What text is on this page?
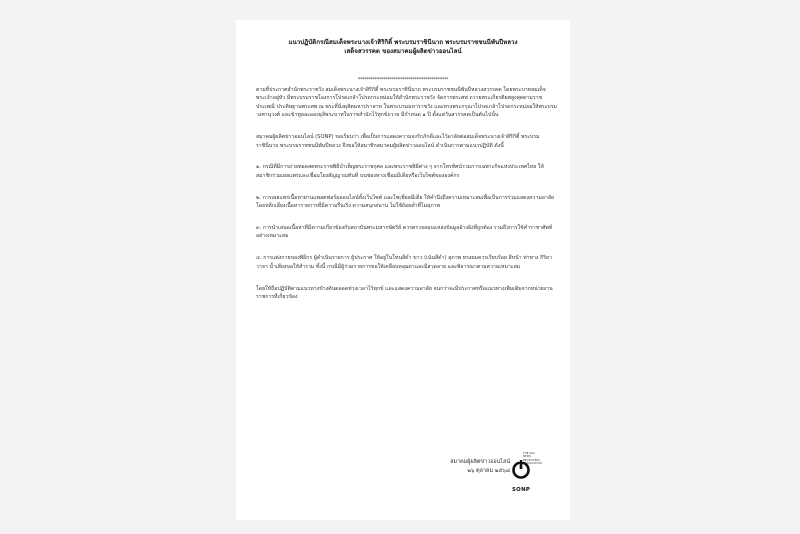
แนวปฏิบัติกรณีสมเด็จพระนางเจ้าสิริกิติ์ พระบรมราชินีนาถ พระบรมราชชนนีพันปีหลวง
เสด็จสวรรคต ของสมาคมผู้ผลิตข่าวออนไลน์
*******************************************

ตามที่ประกาศสำนักพระราชวัง สมเด็จพระนางเจ้าสิริกิติ์ พระบรมราชินีนาถ พระบรมราชชนนีพันปีหลวงสวรรคต โดยพระบาทสมเด็จพระเจ้าอยู่หัว มีพระบรมราชโองการโปรดเกล้าโปรดกระหม่อมให้สำนักพระราชวัง จัดการพระศพ ถวายพระเกียรติยศสูงสุดตามราชประเพณี ประดิษฐานพระศพ ณ พระที่นั่งดุสิตมหาปราสาท ในพระบรมมหาราชวัง และทรงพระกรุณาโปรดเกล้าโปรดกระหม่อมให้พระบรมวงศานุวงศ์ และข้าทูลละอองธุลีพระบาทในราชสำนักไว้ทุกข์ถวาย มีกำหนด ๑ ปี ตั้งแต่วันสวรรคตเป็นต้นไปนั้น

สมาคมผู้ผลิตข่าวออนไลน์ (SONP) ขอเรียนว่า เพื่อเป็นการแสดงความจงรักภักดีและไว้อาลัยต่อสมเด็จพระนางเจ้าสิริกิติ์ พระบรมราชินีนาถ พระบรมราชชนนีพันปีหลวง จึงขอให้สมาชิกสมาคมผู้ผลิตข่าวออนไลน์ ดำเนินการตามแนวปฏิบัติ ดังนี้

๑. กรณีที่มีการถ่ายทอดสดพระราชพิธีบำเพ็ญพระราชกุศล และพระราชพิธีต่าง ๆ จากโทรทัศน์รวมการเฉพาะกิจแห่งประเทศไทย ให้สมาชิกร่วมเผยแพร่และเชื่อมโยงสัญญาณทันที บนช่องทางเชื่อมมีเดียหรือเว็บไซต์ขององค์กร

๒. การเผยแพร่เนื้อหาผ่านแพลตฟอร์มออนไลน์ทั้งเว็บไซต์ และโซเชียลมีเดีย ให้คำนึงถึงความเหมาะสมเพื่อเป็นการร่วมแสดงความอาลัย โดยหลีกเลี่ยงเนื้อหารายการที่มีความรื่นเริง ความสนุกสนาน ไม่ใช้ถ้อยคำที่ไม่สุภาพ

๓. การนำเสนอเนื้อหาที่มีความเกี่ยวข้องกับสถาบันพระมหากษัตริย์ ควรตรวจสอบแหล่งข้อมูลอ้างอิงที่ถูกต้อง รวมถึงการใช้คำราชาศัพท์อย่างเหมาะสม

๔. การแต่งกายของพิธีกร ผู้ดำเนินรายการ ผู้ประกาศ ให้อยู่ในโทนสีดำ ขาว (เน้นสีดำ) สุภาพ ทรงผมควรเรียบร้อย สีหน้า ท่าทาง กิริยา วาจา น้ำเสียงขอให้สำรวม ทั้งนี้ กรณีมีผู้ร่วมรายการขอให้เคลือบคลุมดาและมีสวดลาย และพิจารณาตามความเหมาะสม

โดยให้ถือปฏิบัติตามแนวทางข้างต้นตลอดช่วงเวลาไว้ทุกข์ และแสดงความอาลัย จนกว่าจะมีประกาศหรือแนวทางเพิ่มเติมจากหน่วยงานราชการที่เกี่ยวข้อง

สมาคมผู้ผลิตข่าวออนไลน์
๒๖ ตุลาคม ๒๕๖๘
THE SOC
NEWS
PRODUCERS
ASSOCIATION
SONP
